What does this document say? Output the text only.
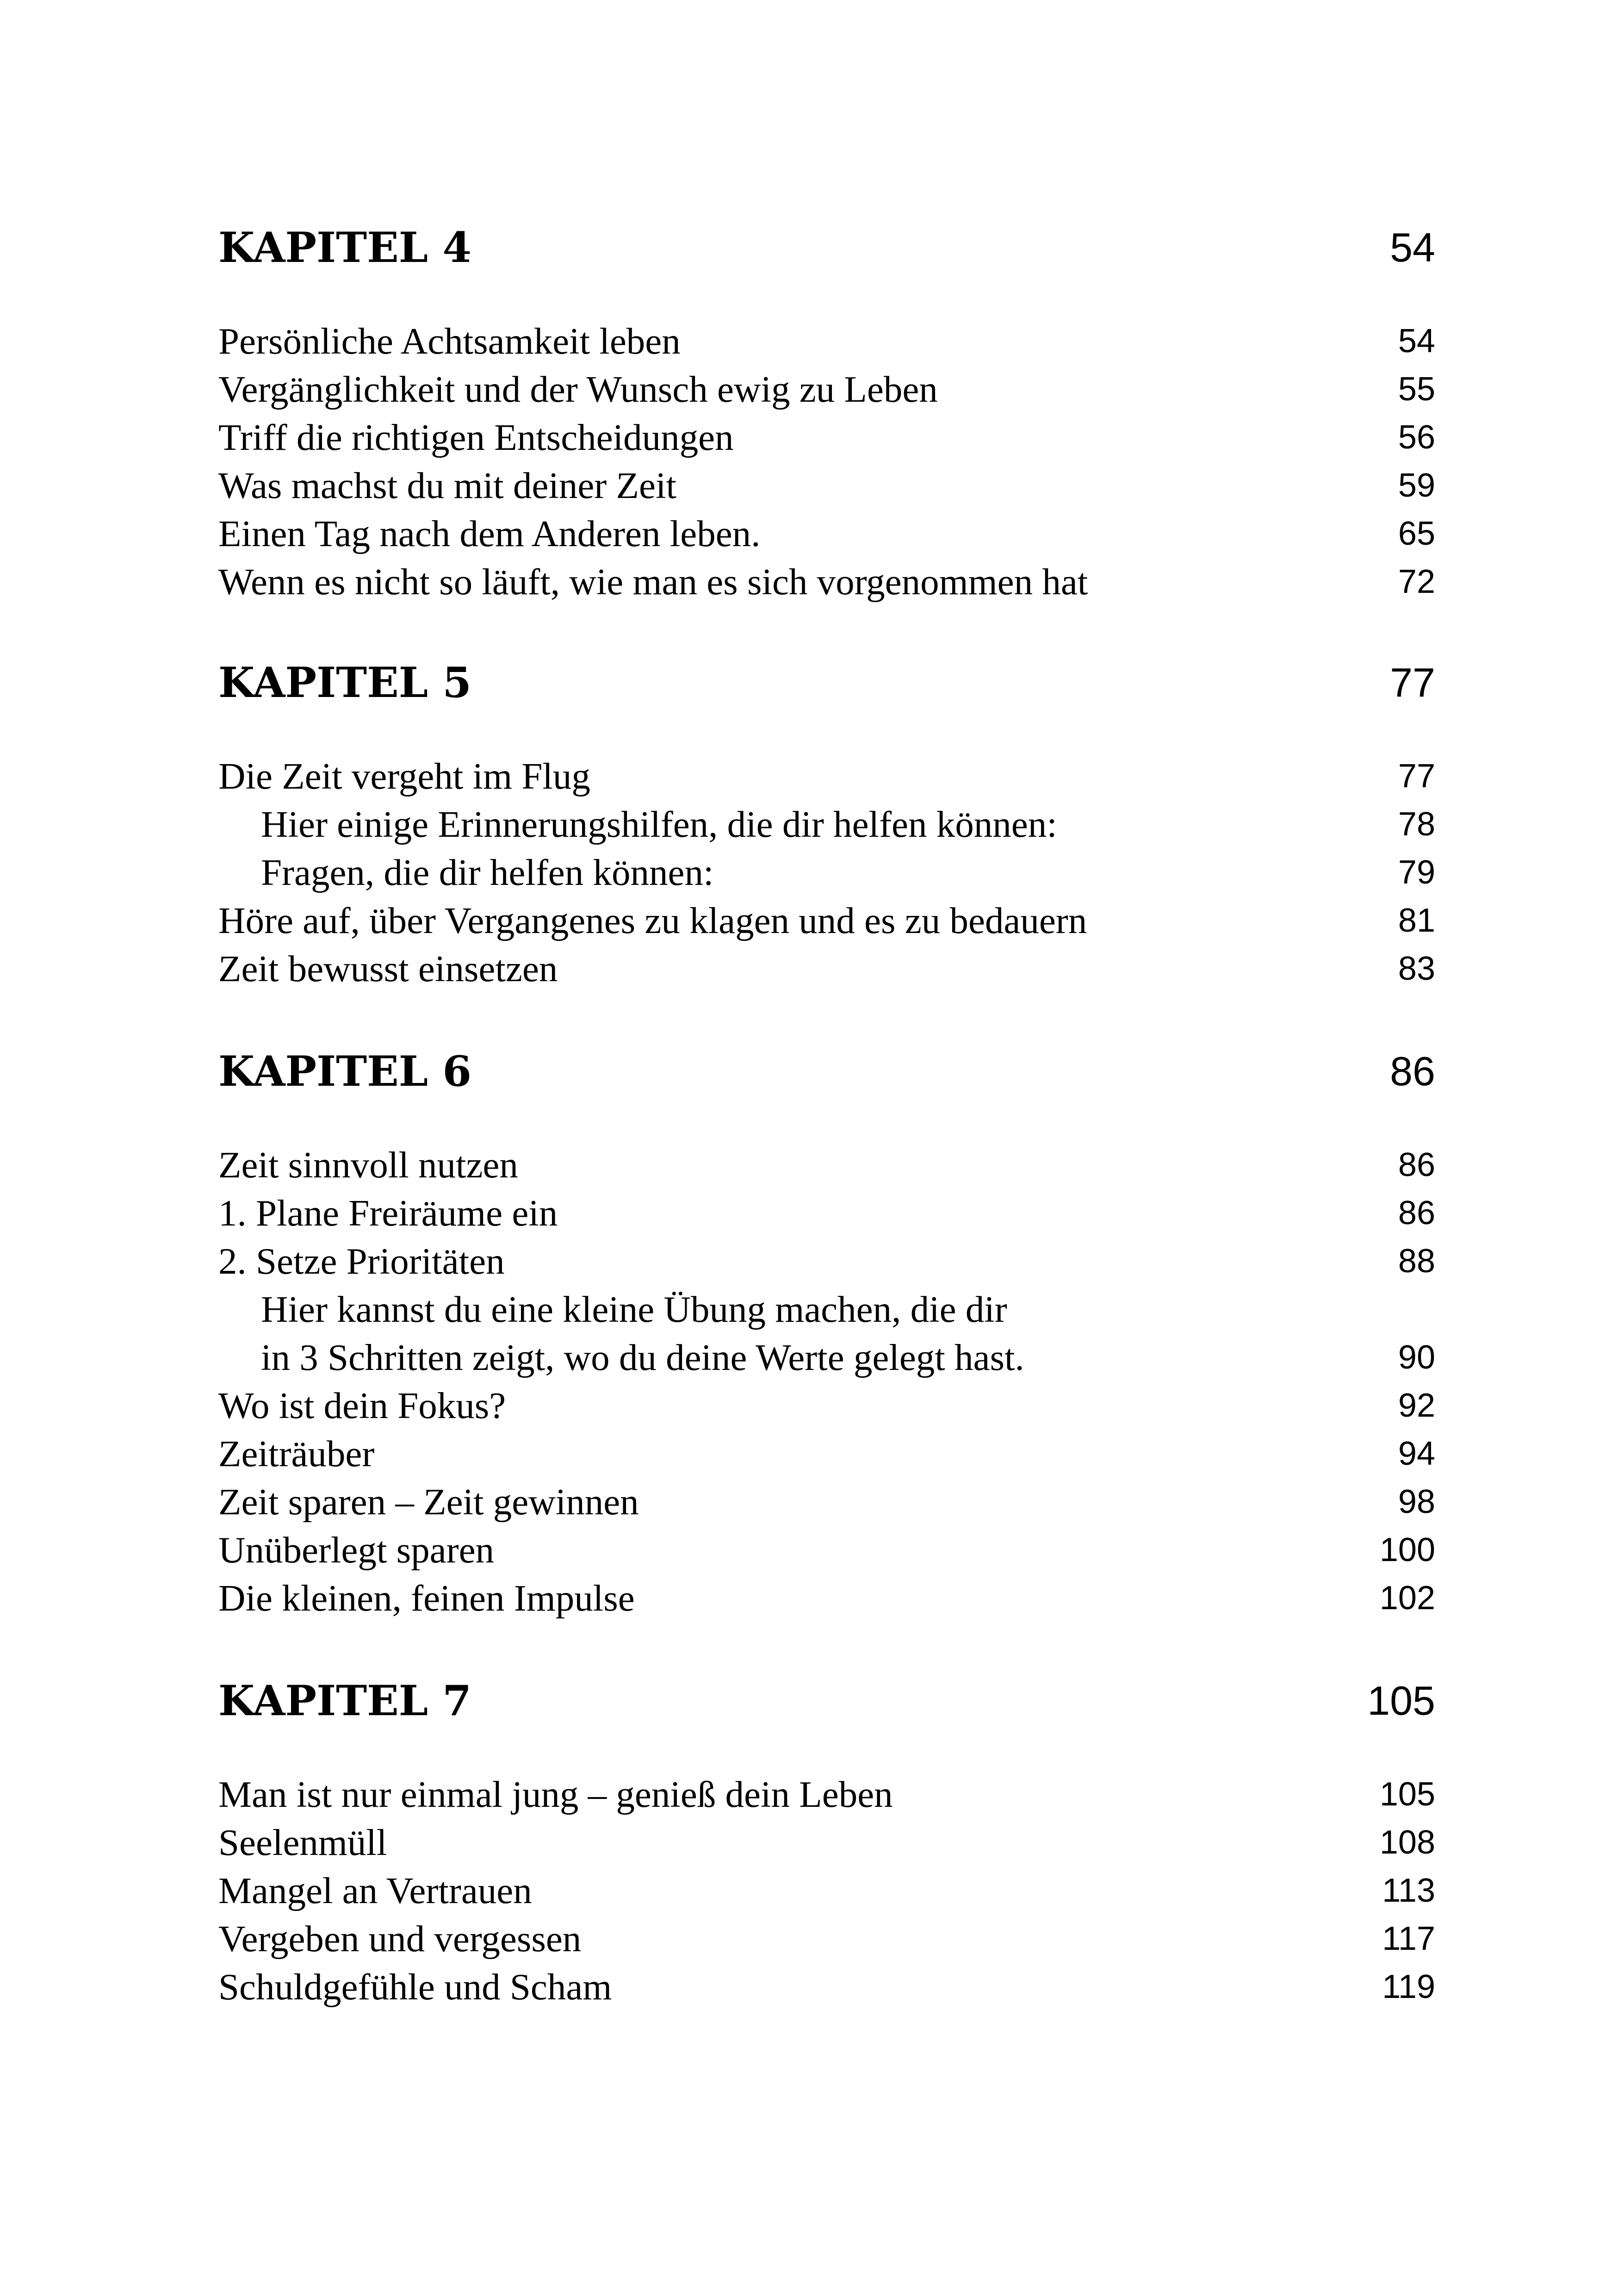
KAPITEL 4	54
Persönliche Achtsamkeit leben	54
Vergänglichkeit und der Wunsch ewig zu Leben	55
Triff die richtigen Entscheidungen	56
Was machst du mit deiner Zeit	59
Einen Tag nach dem Anderen leben.	65
Wenn es nicht so läuft, wie man es sich vorgenommen hat	72
KAPITEL 5	77
Die Zeit vergeht im Flug	77
Hier einige Erinnerungshilfen, die dir helfen können:	78
Fragen, die dir helfen können:	79
Höre auf, über Vergangenes zu klagen und es zu bedauern	81
Zeit bewusst einsetzen	83
KAPITEL 6	86
Zeit sinnvoll nutzen	86
1. Plane Freiräume ein	86
2. Setze Prioritäten	88
Hier kannst du eine kleine Übung machen, die dir
in 3 Schritten zeigt, wo du deine Werte gelegt hast.	90
Wo ist dein Fokus?	92
Zeiträuber	94
Zeit sparen – Zeit gewinnen	98
Unüberlegt sparen	100
Die kleinen, feinen Impulse	102
KAPITEL 7	105
Man ist nur einmal jung – genieß dein Leben	105
Seelenmüll	108
Mangel an Vertrauen	113
Vergeben und vergessen	117
Schuldgefühle und Scham	119
